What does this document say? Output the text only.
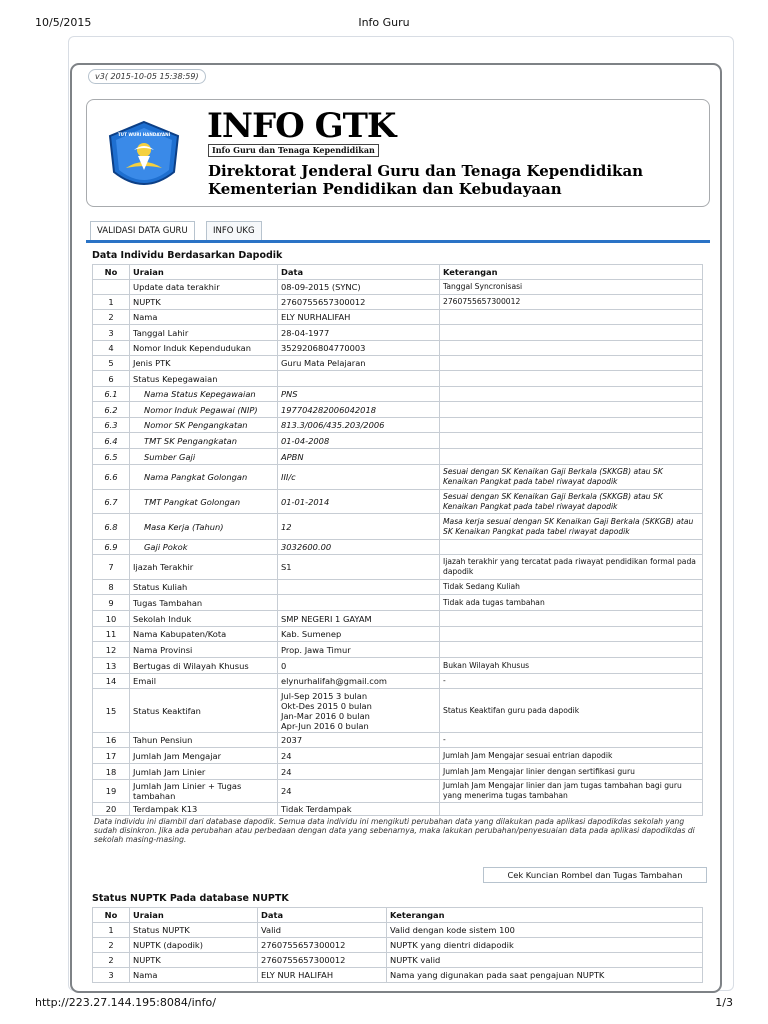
10/5/2015	Info Guru
v3( 2015-10-05 15:38:59)
TUT WURI HANDAYANI INFO GTK
Info Guru dan Tenaga Kependidikan
Direktorat Jenderal Guru dan Tenaga Kependidikan
Kementerian Pendidikan dan Kebudayaan
VALIDASI DATA GURU	INFO UKG
Data Individu Berdasarkan Dapodik
No	Uraian	Data	Keterangan
	Update data terakhir	08-09-2015 (SYNC)	Tanggal Syncronisasi
1	NUPTK	2760755657300012	2760755657300012
2	Nama	ELY NURHALIFAH	
3	Tanggal Lahir	28-04-1977	
4	Nomor Induk Kependudukan	3529206804770003	
5	Jenis PTK	Guru Mata Pelajaran	
6	Status Kepegawaian		
6.1	Nama Status Kepegawaian	PNS	
6.2	Nomor Induk Pegawai (NIP)	197704282006042018	
6.3	Nomor SK Pengangkatan	813.3/006/435.203/2006	
6.4	TMT SK Pengangkatan	01-04-2008	
6.5	Sumber Gaji	APBN	
6.6	Nama Pangkat Golongan	III/c	Sesuai dengan SK Kenaikan Gaji Berkala (SKKGB) atau SK Kenaikan Pangkat pada tabel riwayat dapodik
6.7	TMT Pangkat Golongan	01-01-2014	Sesuai dengan SK Kenaikan Gaji Berkala (SKKGB) atau SK Kenaikan Pangkat pada tabel riwayat dapodik
6.8	Masa Kerja (Tahun)	12	Masa kerja sesuai dengan SK Kenaikan Gaji Berkala (SKKGB) atau SK Kenaikan Pangkat pada tabel riwayat dapodik
6.9	Gaji Pokok	3032600.00	
7	Ijazah Terakhir	S1	Ijazah terakhir yang tercatat pada riwayat pendidikan formal pada dapodik
8	Status Kuliah		Tidak Sedang Kuliah
9	Tugas Tambahan		Tidak ada tugas tambahan
10	Sekolah Induk	SMP NEGERI 1 GAYAM	
11	Nama Kabupaten/Kota	Kab. Sumenep	
12	Nama Provinsi	Prop. Jawa Timur	
13	Bertugas di Wilayah Khusus	0	Bukan Wilayah Khusus
14	Email	elynurhalifah@gmail.com	-
15	Status Keaktifan	Jul-Sep 2015 3 bulan
Okt-Des 2015 0 bulan
Jan-Mar 2016 0 bulan
Apr-Jun 2016 0 bulan	Status Keaktifan guru pada dapodik
16	Tahun Pensiun	2037	-
17	Jumlah Jam Mengajar	24	Jumlah Jam Mengajar sesuai entrian dapodik
18	Jumlah Jam Linier	24	Jumlah Jam Mengajar linier dengan sertifikasi guru
19	Jumlah Jam Linier + Tugas tambahan	24	Jumlah Jam Mengajar linier dan jam tugas tambahan bagi guru yang menerima tugas tambahan
20	Terdampak K13	Tidak Terdampak	
Data individu ini diambil dari database dapodik. Semua data individu ini mengikuti perubahan data yang dilakukan pada aplikasi dapodikdas sekolah yang sudah disinkron. Jika ada perubahan atau perbedaan dengan data yang sebenarnya, maka lakukan perubahan/penyesuaian data pada aplikasi dapodikdas di sekolah masing-masing.
Cek Kuncian Rombel dan Tugas Tambahan
Status NUPTK Pada database NUPTK
No	Uraian	Data	Keterangan
1	Status NUPTK	Valid	Valid dengan kode sistem 100
2	NUPTK (dapodik)	2760755657300012	NUPTK yang dientri didapodik
2	NUPTK	2760755657300012	NUPTK valid
3	Nama	ELY NUR HALIFAH	Nama yang digunakan pada saat pengajuan NUPTK
http://223.27.144.195:8084/info/	1/3
